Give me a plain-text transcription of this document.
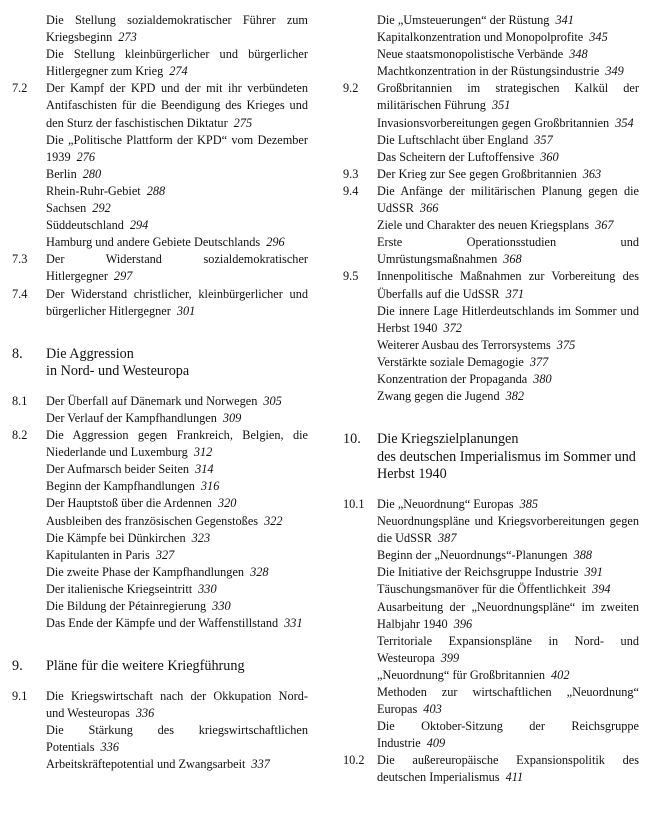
Die Stellung sozialdemokratischer Führer zum Kriegsbeginn 273
Die Stellung kleinbürgerlicher und bürgerlicher Hitlergegner zum Krieg 274
7.2 Der Kampf der KPD und der mit ihr verbündeten Antifaschisten für die Beendigung des Krieges und den Sturz der faschistischen Diktatur 275
Die „Politische Plattform der KPD“ vom Dezember 1939 276
Berlin 280
Rhein-Ruhr-Gebiet 288
Sachsen 292
Süddeutschland 294
Hamburg und andere Gebiete Deutschlands 296
7.3 Der Widerstand sozialdemokratischer Hitlergegner 297
7.4 Der Widerstand christlicher, kleinbürgerlicher und bürgerlicher Hitlergegner 301
8. Die Aggression
in Nord- und Westeuropa
8.1 Der Überfall auf Dänemark und Norwegen 305
Der Verlauf der Kampfhandlungen 309
8.2 Die Aggression gegen Frankreich, Belgien, die Niederlande und Luxemburg 312
Der Aufmarsch beider Seiten 314
Beginn der Kampfhandlungen 316
Der Hauptstoß über die Ardennen 320
Ausbleiben des französischen Gegenstoßes 322
Die Kämpfe bei Dünkirchen 323
Kapitulanten in Paris 327
Die zweite Phase der Kampfhandlungen 328
Der italienische Kriegseintritt 330
Die Bildung der Pétainregierung 330
Das Ende der Kämpfe und der Waffenstillstand 331
9. Pläne für die weitere Kriegführung
9.1 Die Kriegswirtschaft nach der Okkupation Nord- und Westeuropas 336
Die Stärkung des kriegswirtschaftlichen Potentials 336
Arbeitskräftepotential und Zwangsarbeit 337
Die „Umsteuerungen“ der Rüstung 341
Kapitalkonzentration und Monopolprofite 345
Neue staatsmonopolistische Verbände 348
Machtkonzentration in der Rüstungsindustrie 349
9.2 Großbritannien im strategischen Kalkül der militärischen Führung 351
Invasionsvorbereitungen gegen Großbritannien 354
Die Luftschlacht über England 357
Das Scheitern der Luftoffensive 360
9.3 Der Krieg zur See gegen Großbritannien 363
9.4 Die Anfänge der militärischen Planung gegen die UdSSR 366
Ziele und Charakter des neuen Kriegsplans 367
Erste Operationsstudien und Umrüstungsmaßnahmen 368
9.5 Innenpolitische Maßnahmen zur Vorbereitung des Überfalls auf die UdSSR 371
Die innere Lage Hitlerdeutschlands im Sommer und Herbst 1940 372
Weiterer Ausbau des Terrorsystems 375
Verstärkte soziale Demagogie 377
Konzentration der Propaganda 380
Zwang gegen die Jugend 382
10. Die Kriegszielplanungen
des deutschen Imperialismus im Sommer und Herbst 1940
10.1 Die „Neuordnung“ Europas 385
Neuordnungspläne und Kriegsvorbereitungen gegen die UdSSR 387
Beginn der „Neuordnungs“-Planungen 388
Die Initiative der Reichsgruppe Industrie 391
Täuschungsmanöver für die Öffentlichkeit 394
Ausarbeitung der „Neuordnungspläne“ im zweiten Halbjahr 1940 396
Territoriale Expansionspläne in Nord- und Westeuropa 399
„Neuordnung“ für Großbritannien 402
Methoden zur wirtschaftlichen „Neuordnung“ Europas 403
Die Oktober-Sitzung der Reichsgruppe Industrie 409
10.2 Die außereuropäische Expansionspolitik des deutschen Imperialismus 411
